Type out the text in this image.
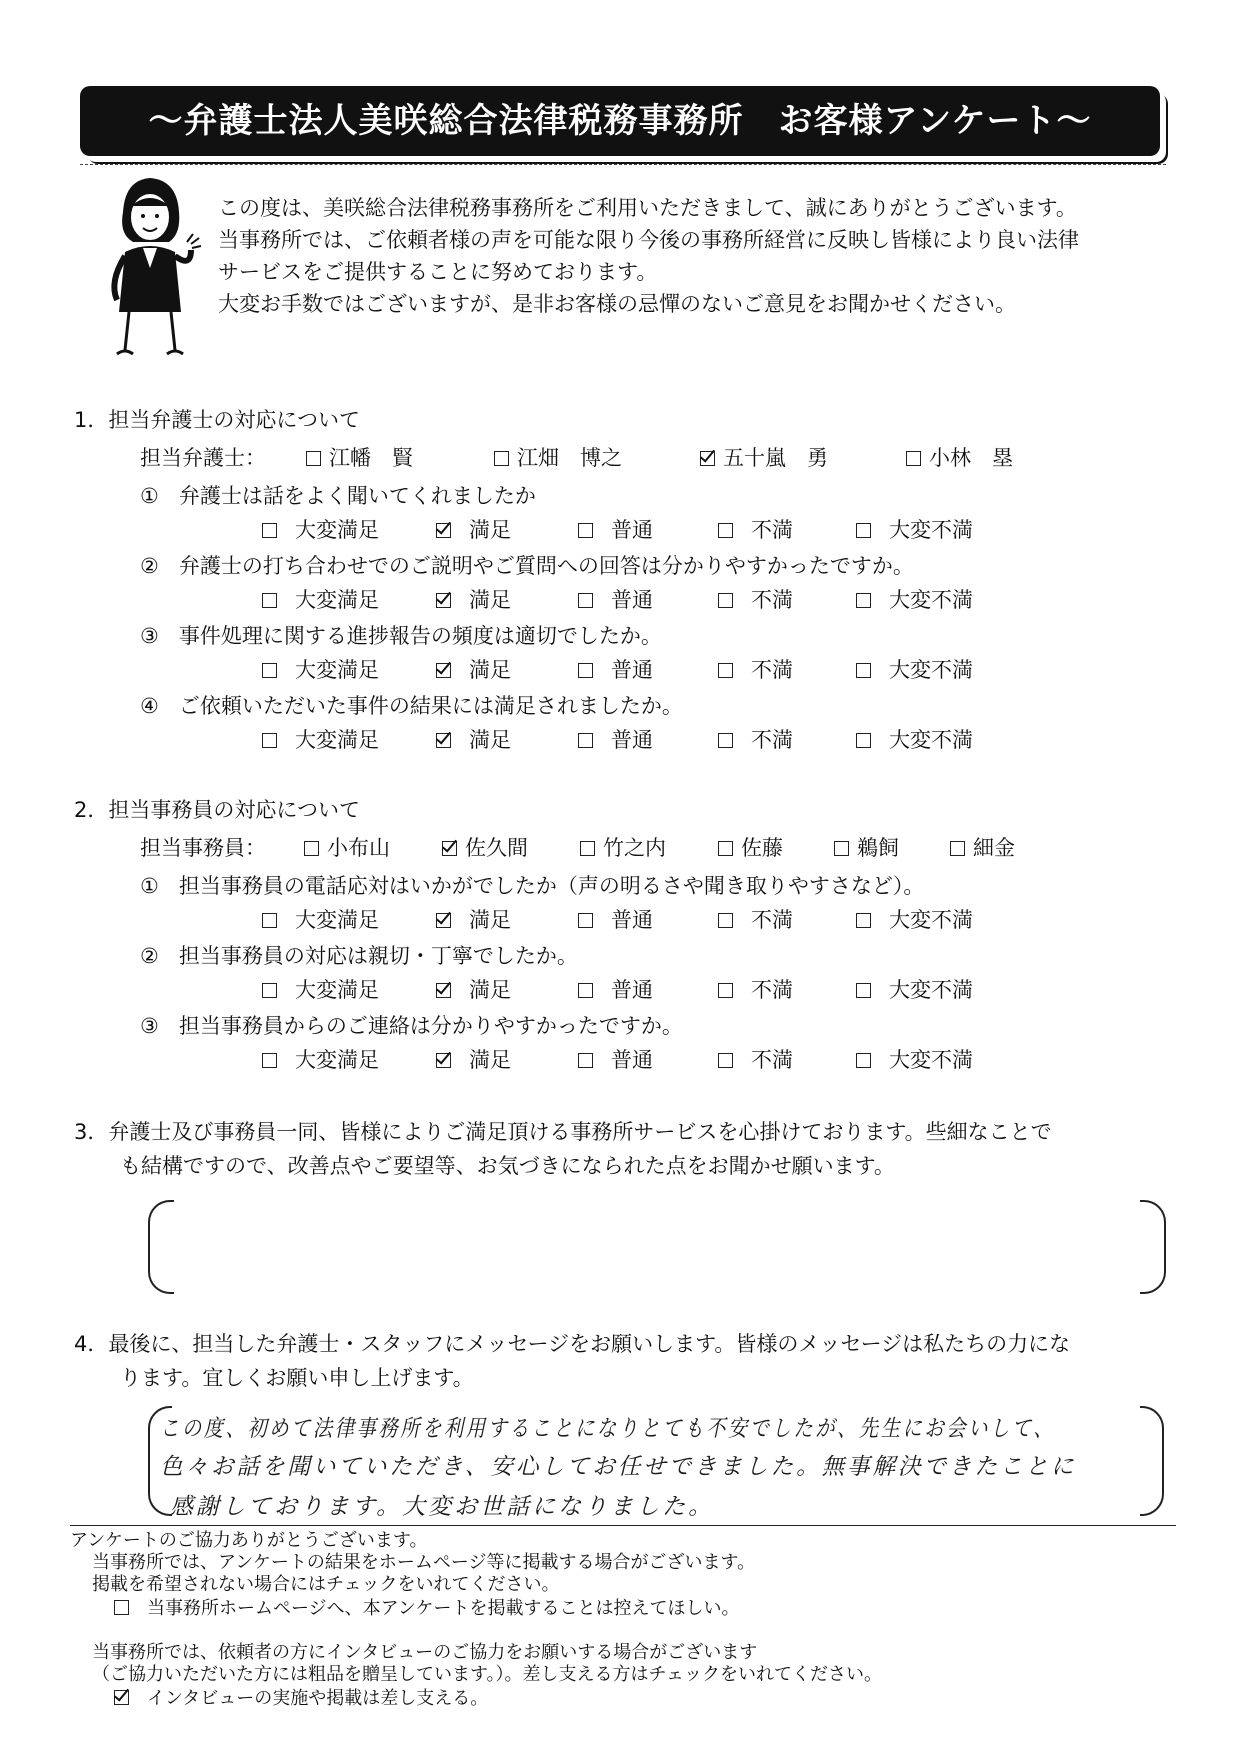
～弁護士法人美咲総合法律税務事務所　お客様アンケート～
この度は、美咲総合法律税務事務所をご利用いただきまして、誠にありがとうございます。
当事務所では、ご依頼者様の声を可能な限り今後の事務所経営に反映し皆様により良い法律
サービスをご提供することに努めております。
大変お手数ではございますが、是非お客様の忌憚のないご意見をお聞かせください。
1．担当弁護士の対応について
担当弁護士：	江幡　賢	江畑　博之	五十嵐　勇	小林　塁
① 弁護士は話をよく聞いてくれましたか
大変満足	満足	普通	不満	大変不満
② 弁護士の打ち合わせでのご説明やご質問への回答は分かりやすかったですか。
大変満足	満足	普通	不満	大変不満
③ 事件処理に関する進捗報告の頻度は適切でしたか。
大変満足	満足	普通	不満	大変不満
④ ご依頼いただいた事件の結果には満足されましたか。
大変満足	満足	普通	不満	大変不満
2．担当事務員の対応について
担当事務員：	小布山	佐久間	竹之内	佐藤	鵜飼	細金
① 担当事務員の電話応対はいかがでしたか（声の明るさや聞き取りやすさなど）。
大変満足	満足	普通	不満	大変不満
② 担当事務員の対応は親切・丁寧でしたか。
大変満足	満足	普通	不満	大変不満
③ 担当事務員からのご連絡は分かりやすかったですか。
大変満足	満足	普通	不満	大変不満
3．弁護士及び事務員一同、皆様によりご満足頂ける事務所サービスを心掛けております。些細なことで
も結構ですので、改善点やご要望等、お気づきになられた点をお聞かせ願います。
4．最後に、担当した弁護士・スタッフにメッセージをお願いします。皆様のメッセージは私たちの力にな
ります。宜しくお願い申し上げます。
この度、初めて法律事務所を利用することになりとても不安でしたが、先生にお会いして、
色々お話を聞いていただき、安心してお任せできました。無事解決できたことに
感謝しております。大変お世話になりました。
アンケートのご協力ありがとうございます。
当事務所では、アンケートの結果をホームページ等に掲載する場合がございます。
掲載を希望されない場合にはチェックをいれてください。
当事務所ホームページへ、本アンケートを掲載することは控えてほしい。
当事務所では、依頼者の方にインタビューのご協力をお願いする場合がございます
（ご協力いただいた方には粗品を贈呈しています。）。差し支える方はチェックをいれてください。
インタビューの実施や掲載は差し支える。
